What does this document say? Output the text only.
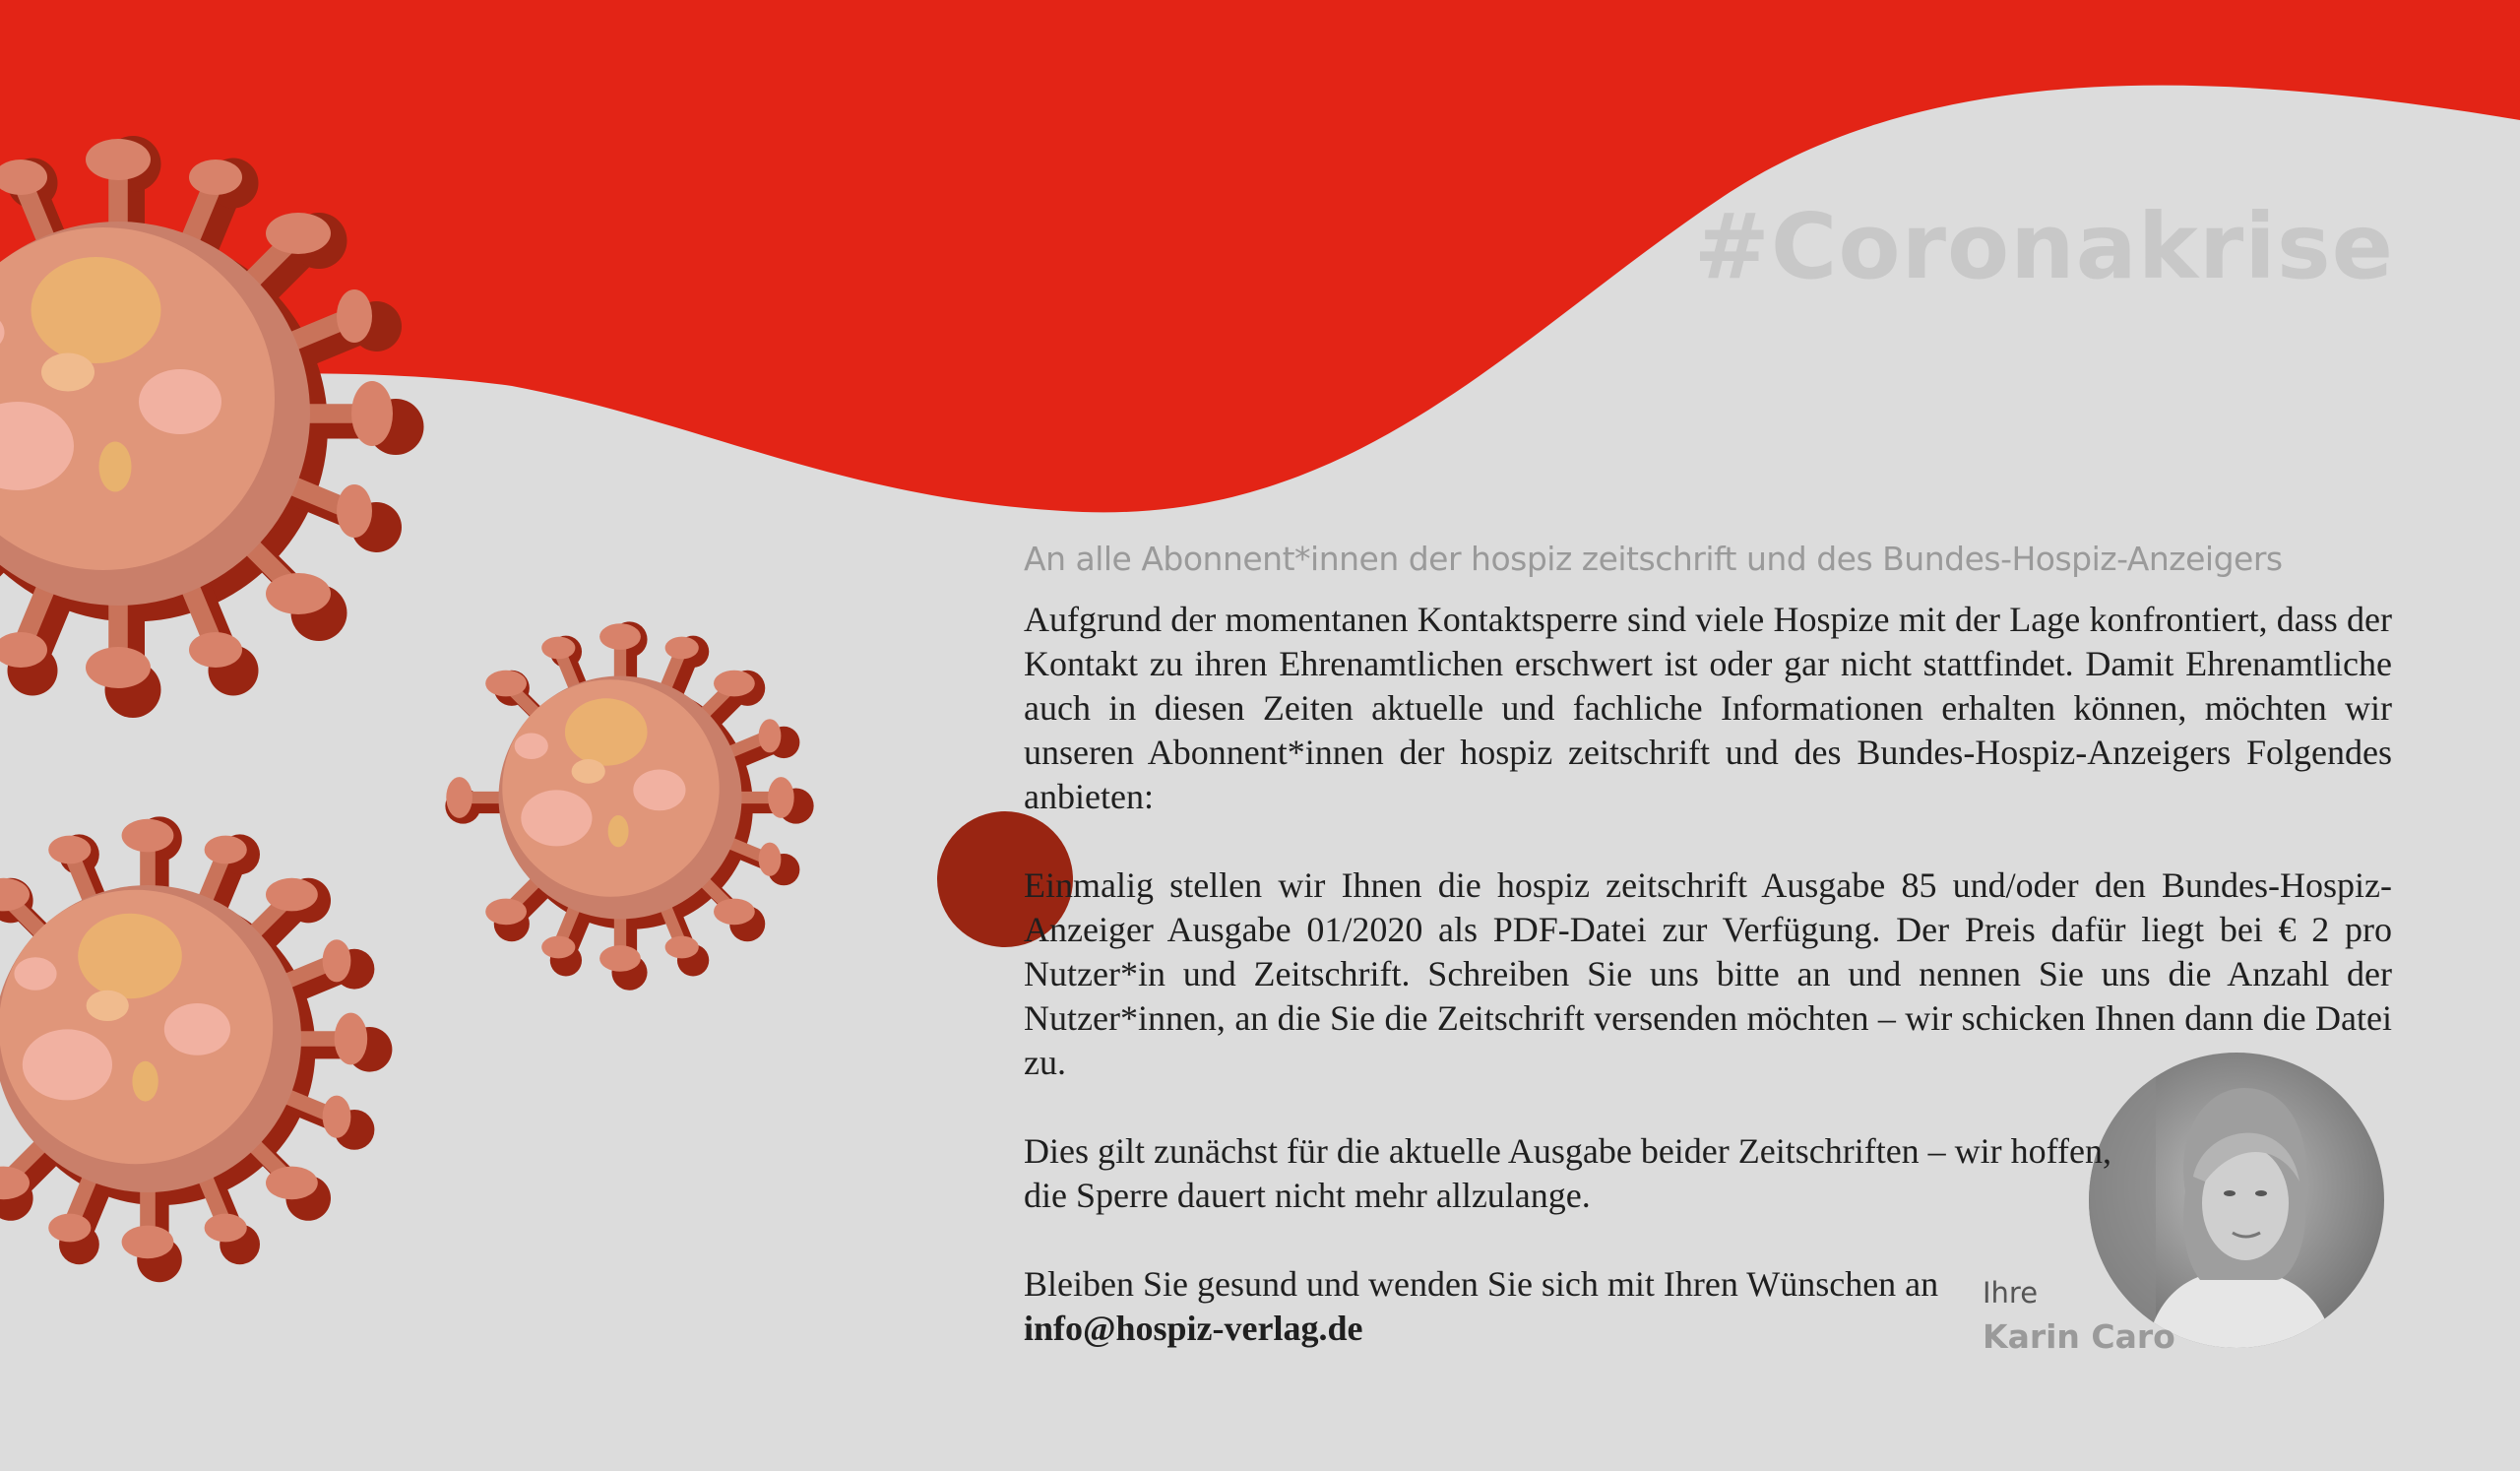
#Coronakrise

An alle Abonnent*innen der hospiz zeitschrift und des Bundes-Hospiz-Anzeigers

Aufgrund der momentanen Kontaktsperre sind viele Hospize mit der Lage konfrontiert, dass der Kontakt zu ihren Ehrenamtlichen erschwert ist oder gar nicht stattfindet. Damit Ehrenamtliche auch in diesen Zeiten aktuelle und fachliche Informationen erhalten können, möchten wir unseren Abonnent*innen der hospiz zeitschrift und des Bundes-Hospiz-Anzeigers Folgendes anbieten:

Einmalig stellen wir Ihnen die hospiz zeitschrift Ausgabe 85 und/oder den Bundes-Hospiz-Anzeiger Ausgabe 01/2020 als PDF-Datei zur Verfügung. Der Preis dafür liegt bei € 2 pro Nutzer*in und Zeitschrift. Schreiben Sie uns bitte an und nennen Sie uns die Anzahl der Nutzer*innen, an die Sie die Zeitschrift versenden möchten – wir schicken Ihnen dann die Datei zu.

Dies gilt zunächst für die aktuelle Ausgabe beider Zeitschriften – wir hoffen,
die Sperre dauert nicht mehr allzulange.

Bleiben Sie gesund und wenden Sie sich mit Ihren Wünschen an
info@hospiz-verlag.de

Ihre

Karin Caro
